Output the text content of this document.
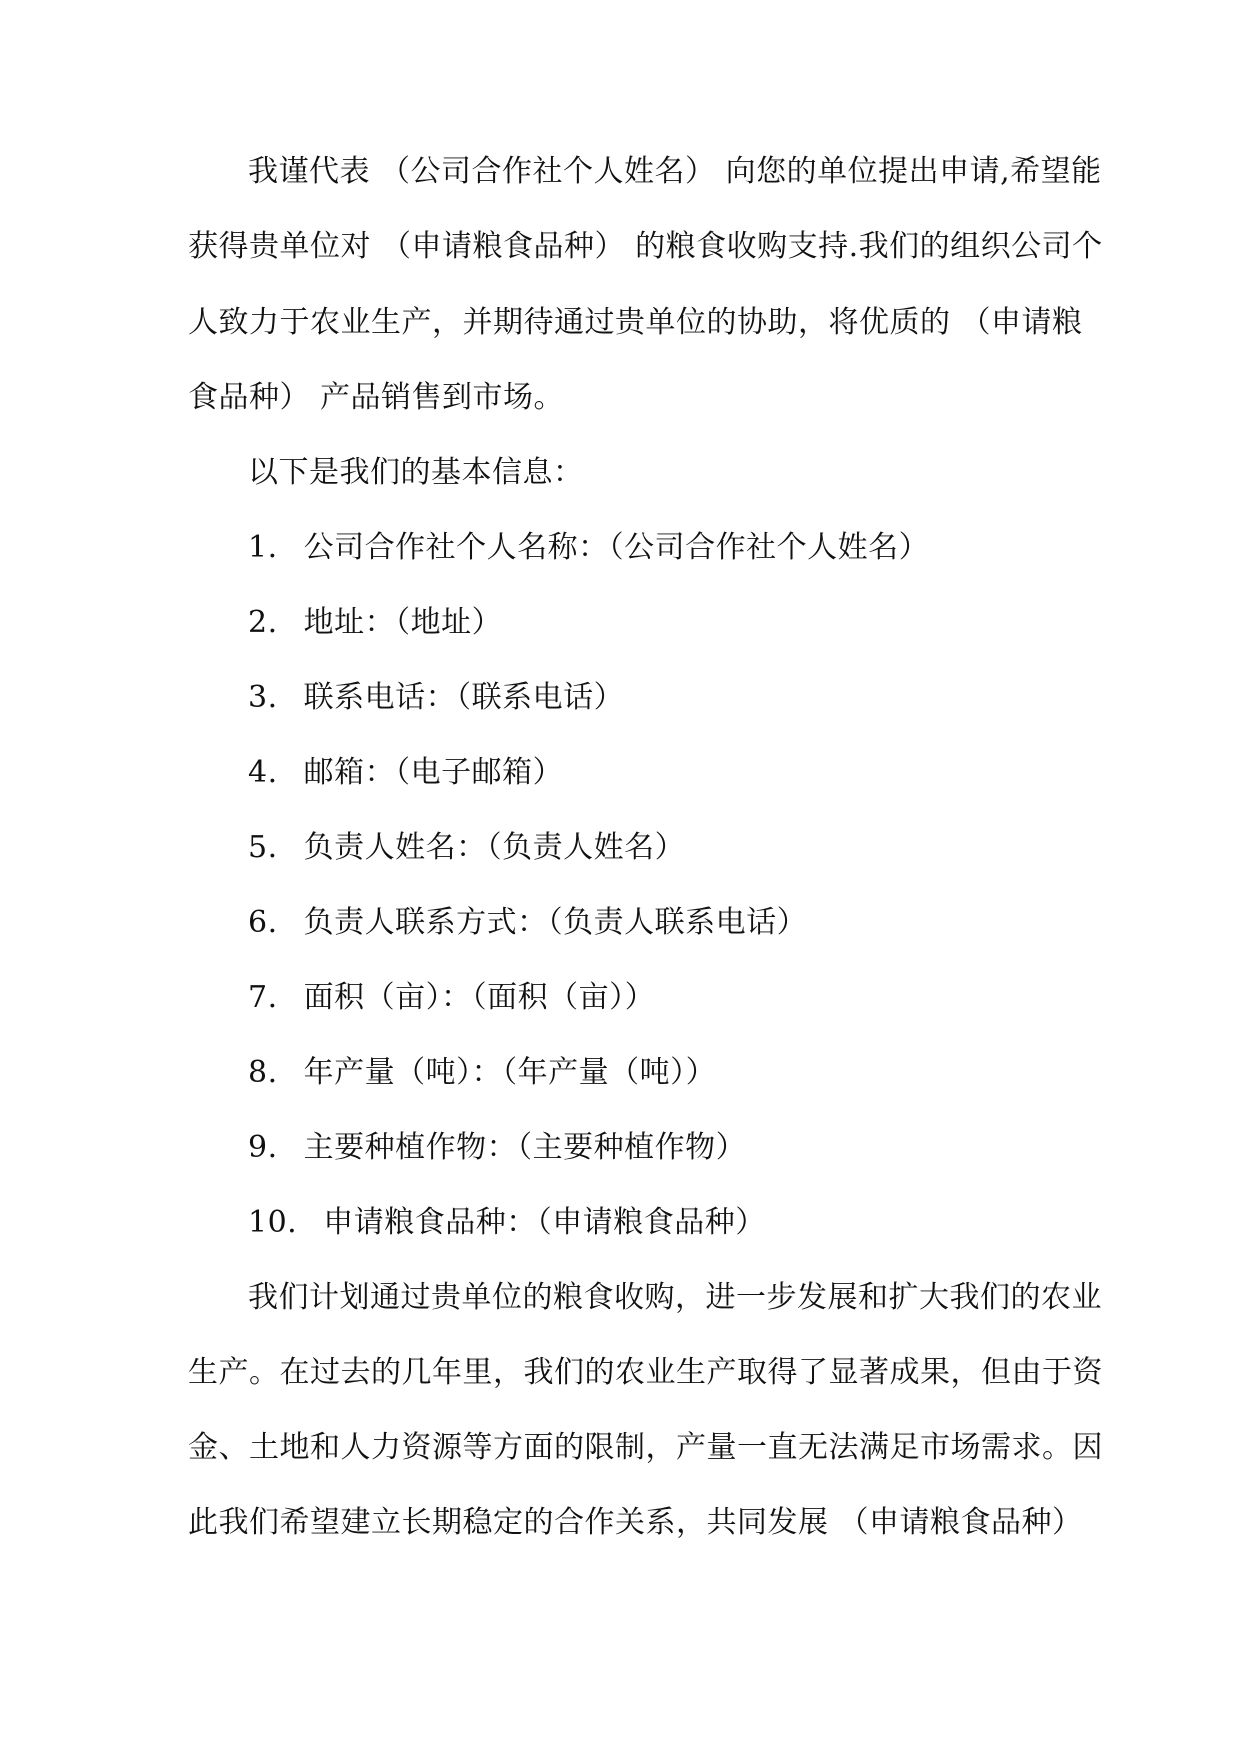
我谨代表 （公司合作社个人姓名） 向您的单位提出申请,希望能
获得贵单位对 （申请粮食品种） 的粮食收购支持.我们的组织公司个
人致力于农业生产，并期待通过贵单位的协助，将优质的 （申请粮
食品种） 产品销售到市场。
以下是我们的基本信息：
1. 公司合作社个人名称：（公司合作社个人姓名）
2. 地址：（地址）
3. 联系电话：（联系电话）
4. 邮箱：（电子邮箱）
5. 负责人姓名：（负责人姓名）
6. 负责人联系方式：（负责人联系电话）
7. 面积（亩）：（面积（亩））
8. 年产量（吨）：（年产量（吨））
9. 主要种植作物：（主要种植作物）
10. 申请粮食品种：（申请粮食品种）
我们计划通过贵单位的粮食收购，进一步发展和扩大我们的农业
生产。在过去的几年里，我们的农业生产取得了显著成果，但由于资
金、土地和人力资源等方面的限制，产量一直无法满足市场需求。因
此我们希望建立长期稳定的合作关系，共同发展 （申请粮食品种）
